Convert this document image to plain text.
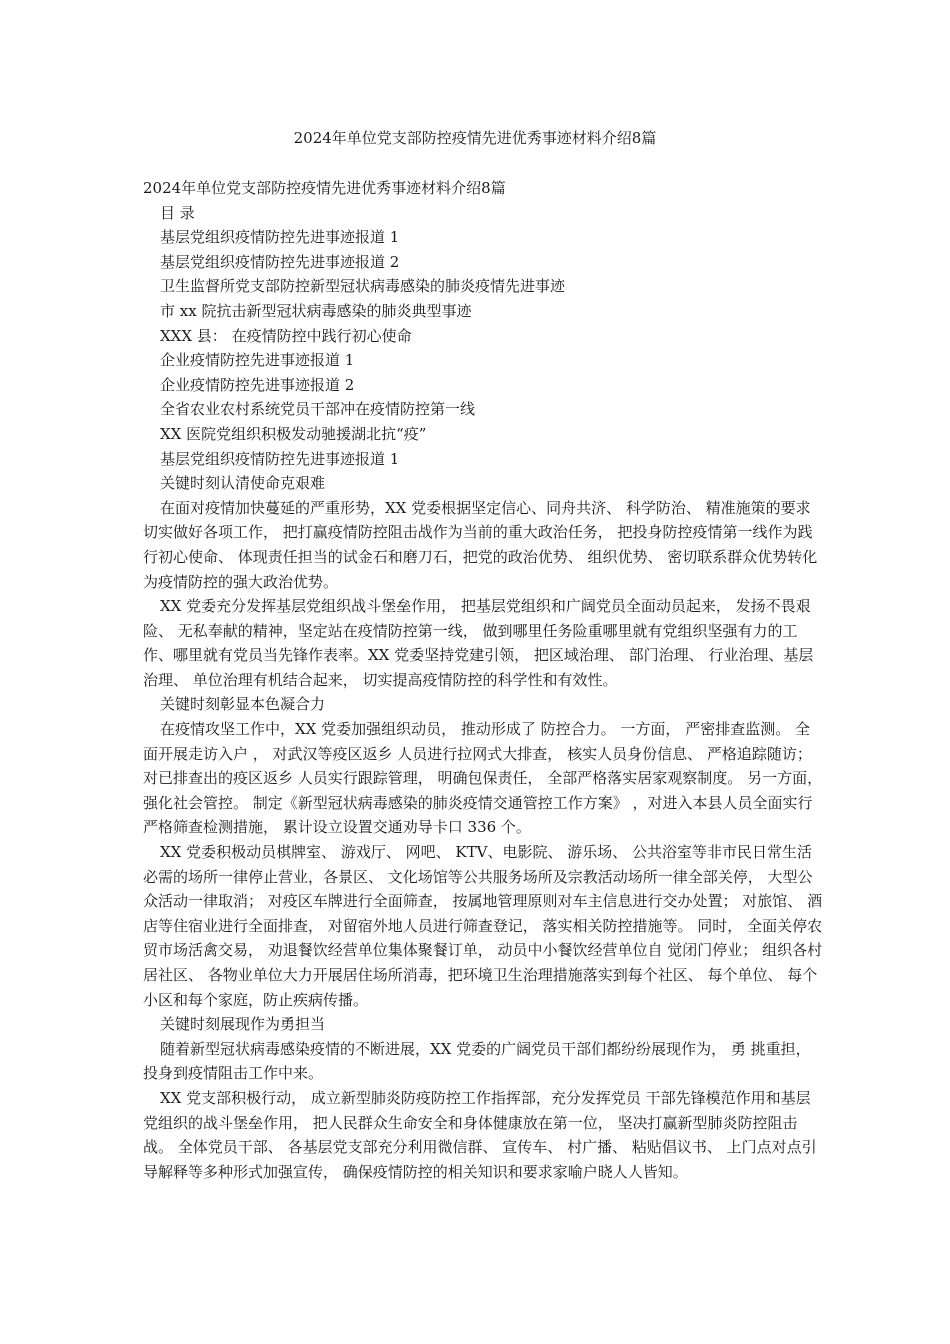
2024年单位党支部防控疫情先进优秀事迹材料介绍8篇

2024年单位党支部防控疫情先进优秀事迹材料介绍8篇

目 录

基层党组织疫情防控先进事迹报道 1

基层党组织疫情防控先进事迹报道 2

卫生监督所党支部防控新型冠状病毒感染的肺炎疫情先进事迹

市 xx 院抗击新型冠状病毒感染的肺炎典型事迹

XXX 县： 在疫情防控中践行初心使命

企业疫情防控先进事迹报道 1

企业疫情防控先进事迹报道 2

全省农业农村系统党员干部冲在疫情防控第一线

XX 医院党组织积极发动驰援湖北抗“疫”

基层党组织疫情防控先进事迹报道 1

关键时刻认清使命克艰难

在面对疫情加快蔓延的严重形势，XX 党委根据坚定信心、同舟共济、 科学防治、 精准施策的要求切实做好各项工作， 把打赢疫情防控阻击战作为当前的重大政治任务， 把投身防控疫情第一线作为践行初心使命、 体现责任担当的试金石和磨刀石，把党的政治优势、 组织优势、 密切联系群众优势转化为疫情防控的强大政治优势。

XX 党委充分发挥基层党组织战斗堡垒作用， 把基层党组织和广阔党员全面动员起来， 发扬不畏艰险、 无私奉献的精神，坚定站在疫情防控第一线， 做到哪里任务险重哪里就有党组织坚强有力的工作、哪里就有党员当先锋作表率。XX 党委坚持党建引领， 把区域治理、 部门治理、 行业治理、基层治理、 单位治理有机结合起来， 切实提高疫情防控的科学性和有效性。

关键时刻彰显本色凝合力

在疫情攻坚工作中，XX 党委加强组织动员， 推动形成了 防控合力。 一方面， 严密排查监测。 全面开展走访入户 ， 对武汉等疫区返乡 人员进行拉网式大排查， 核实人员身份信息、 严格追踪随访； 对已排查出的疫区返乡 人员实行跟踪管理， 明确包保责任， 全部严格落实居家观察制度。 另一方面， 强化社会管控。 制定《新型冠状病毒感染的肺炎疫情交通管控工作方案》 ，对进入本县人员全面实行严格筛查检测措施， 累计设立设置交通劝导卡口 336 个。

XX 党委积极动员棋牌室、 游戏厅、 网吧、 KTV、电影院、 游乐场、 公共浴室等非市民日常生活必需的场所一律停止营业，各景区、 文化场馆等公共服务场所及宗教活动场所一律全部关停， 大型公众活动一律取消； 对疫区车牌进行全面筛查， 按属地管理原则对车主信息进行交办处置； 对旅馆、 酒店等住宿业进行全面排查， 对留宿外地人员进行筛查登记， 落实相关防控措施等。 同时， 全面关停农贸市场活禽交易， 劝退餐饮经营单位集体聚餐订单， 动员中小餐饮经营单位自 觉闭门停业； 组织各村居社区、 各物业单位大力开展居住场所消毒，把环境卫生治理措施落实到每个社区、 每个单位、 每个小区和每个家庭，防止疾病传播。

关键时刻展现作为勇担当

随着新型冠状病毒感染疫情的不断进展，XX 党委的广阔党员干部们都纷纷展现作为， 勇 挑重担， 投身到疫情阻击工作中来。

XX 党支部积极行动， 成立新型肺炎防疫防控工作指挥部，充分发挥党员 干部先锋模范作用和基层党组织的战斗堡垒作用， 把人民群众生命安全和身体健康放在第一位， 坚决打赢新型肺炎防控阻击战。 全体党员干部、 各基层党支部充分利用微信群、 宣传车、 村广播、 粘贴倡议书、 上门点对点引 导解释等多种形式加强宣传， 确保疫情防控的相关知识和要求家喻户晓人人皆知。
